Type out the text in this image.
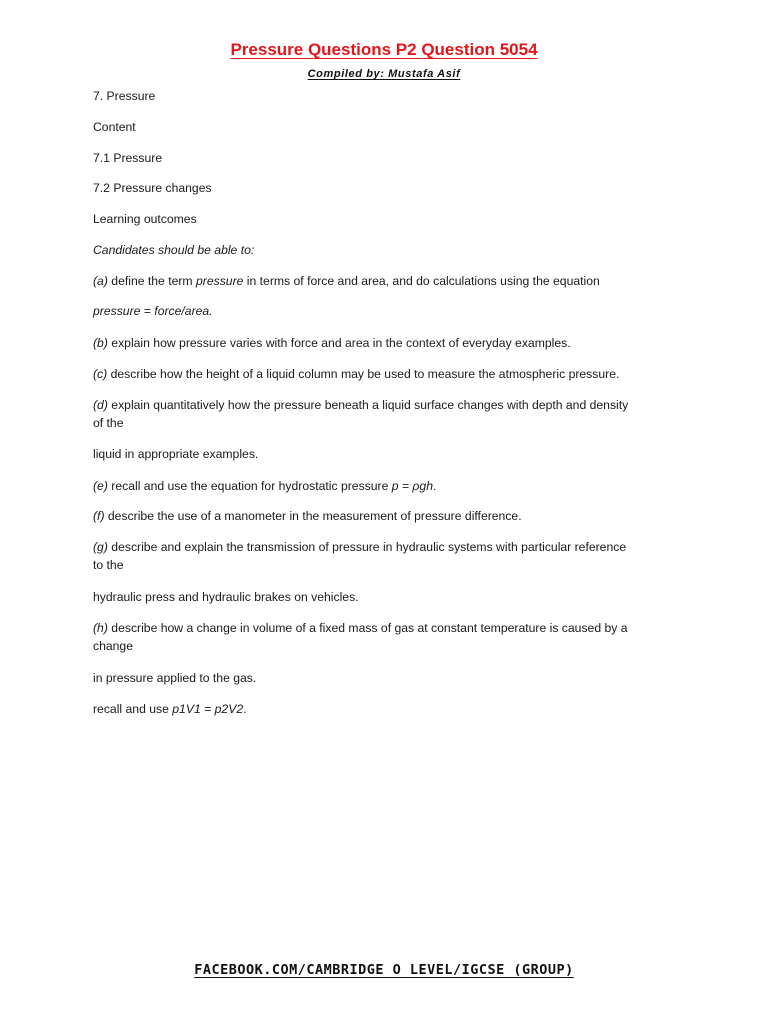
Pressure Questions P2 Question 5054
Compiled by: Mustafa Asif
7. Pressure
Content
7.1 Pressure
7.2 Pressure changes
Learning outcomes
Candidates should be able to:
(a) define the term pressure in terms of force and area, and do calculations using the equation
pressure = force/area.
(b) explain how pressure varies with force and area in the context of everyday examples.
(c) describe how the height of a liquid column may be used to measure the atmospheric pressure.
(d) explain quantitatively how the pressure beneath a liquid surface changes with depth and density
of the
liquid in appropriate examples.
(e) recall and use the equation for hydrostatic pressure p = ρgh.
(f) describe the use of a manometer in the measurement of pressure difference.
(g) describe and explain the transmission of pressure in hydraulic systems with particular reference
to the
hydraulic press and hydraulic brakes on vehicles.
(h) describe how a change in volume of a fixed mass of gas at constant temperature is caused by a
change
in pressure applied to the gas.
recall and use p1V1 = p2V2.
FACEBOOK.COM/CAMBRIDGE O LEVEL/IGCSE (GROUP)
